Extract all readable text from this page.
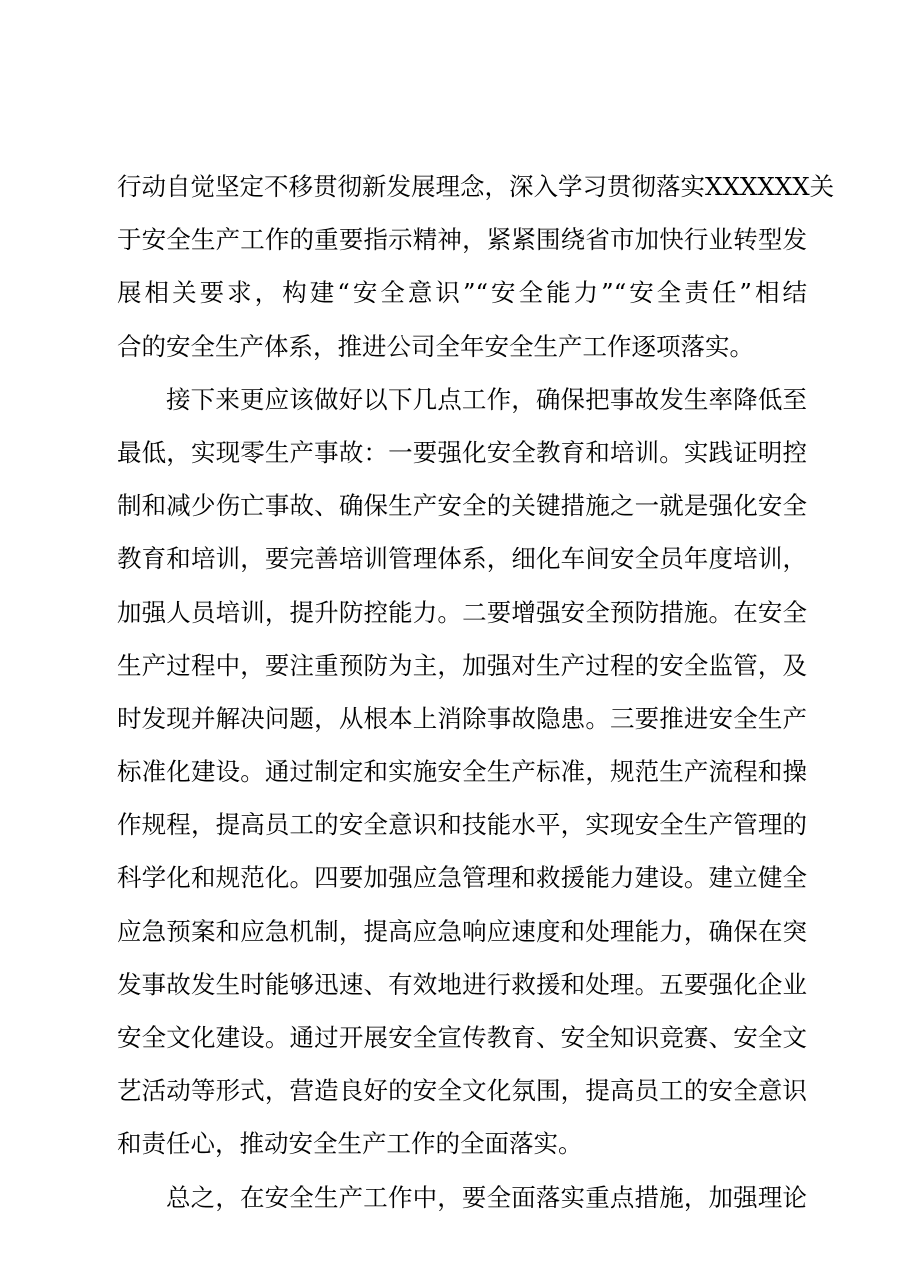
行动自觉坚定不移贯彻新发展理念，深入学习贯彻落实XXXXXX关
于安全生产工作的重要指示精神，紧紧围绕省市加快行业转型发
展相关要求，构建“安全意识”“安全能力”“安全责任”相结
合的安全生产体系，推进公司全年安全生产工作逐项落实。
接下来更应该做好以下几点工作，确保把事故发生率降低至
最低，实现零生产事故：一要强化安全教育和培训。实践证明控
制和减少伤亡事故、确保生产安全的关键措施之一就是强化安全
教育和培训，要完善培训管理体系，细化车间安全员年度培训，
加强人员培训，提升防控能力。二要增强安全预防措施。在安全
生产过程中，要注重预防为主，加强对生产过程的安全监管，及
时发现并解决问题，从根本上消除事故隐患。三要推进安全生产
标准化建设。通过制定和实施安全生产标准，规范生产流程和操
作规程，提高员工的安全意识和技能水平，实现安全生产管理的
科学化和规范化。四要加强应急管理和救援能力建设。建立健全
应急预案和应急机制，提高应急响应速度和处理能力，确保在突
发事故发生时能够迅速、有效地进行救援和处理。五要强化企业
安全文化建设。通过开展安全宣传教育、安全知识竞赛、安全文
艺活动等形式，营造良好的安全文化氛围，提高员工的安全意识
和责任心，推动安全生产工作的全面落实。
总之，在安全生产工作中，要全面落实重点措施，加强理论
